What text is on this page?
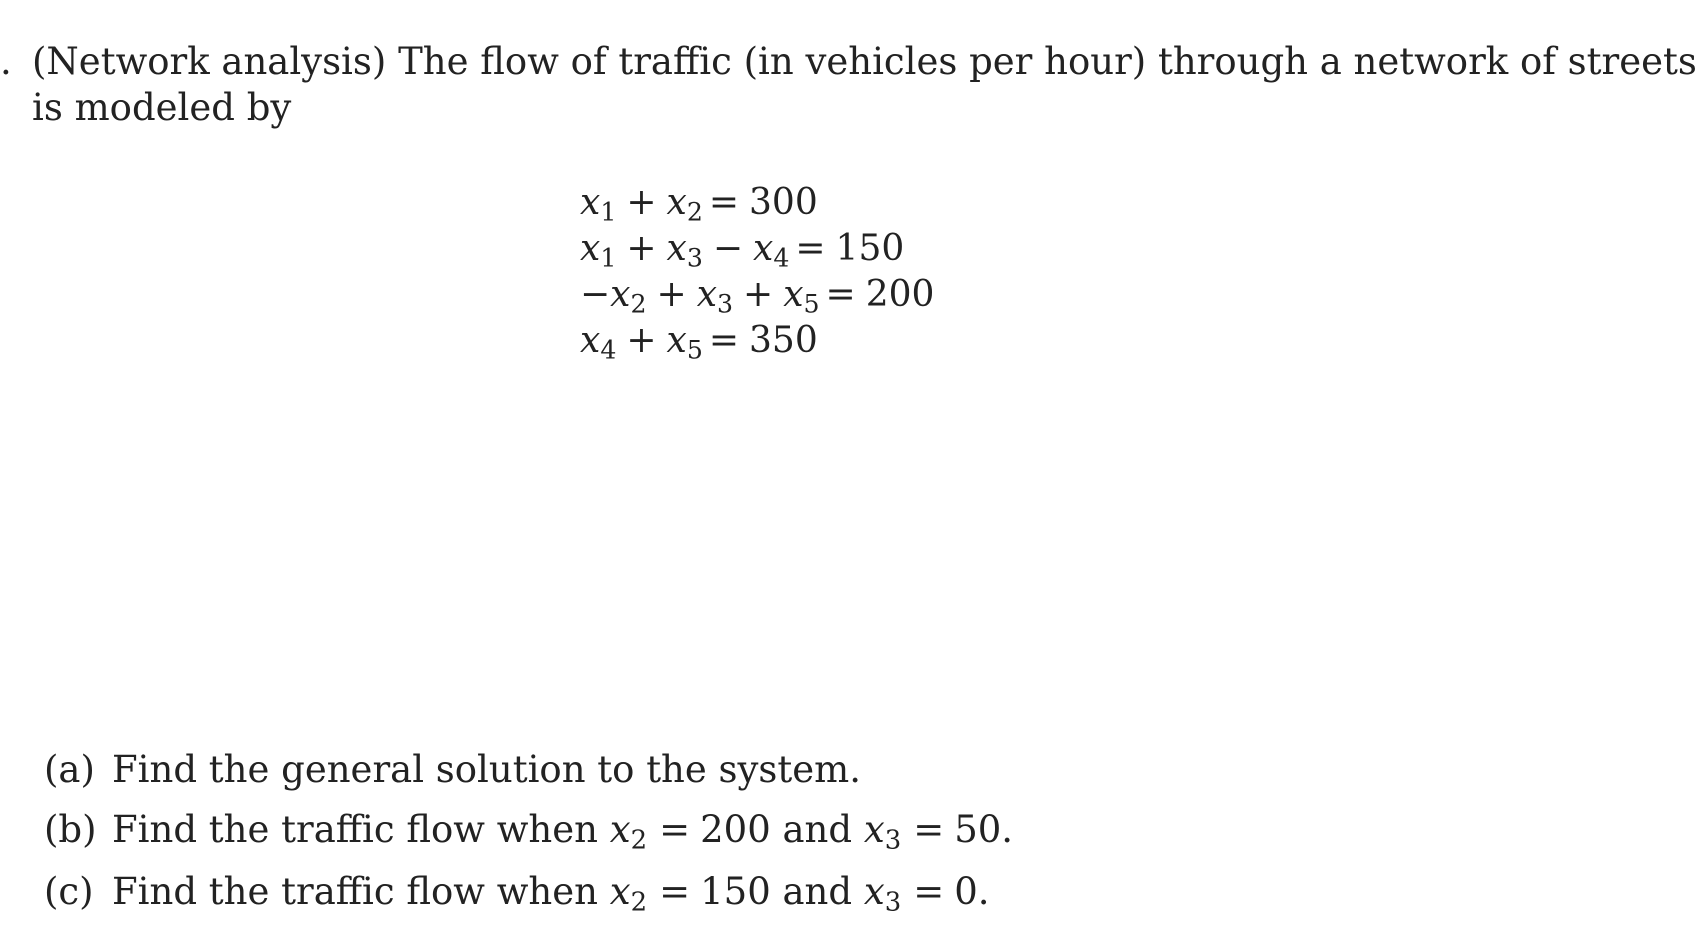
. (Network analysis) The flow of traffic (in vehicles per hour) through a network of streets
is modeled by
$x_1 + x_2 = 300$
$x_1 + x_3 - x_4 = 150$
$-x_2 + x_3 + x_5 = 200$
$x_4 + x_5 = 350$
(a) Find the general solution to the system.
(b) Find the traffic flow when $x_2 = 200$ and $x_3 = 50$.
(c) Find the traffic flow when $x_2 = 150$ and $x_3 = 0$.
